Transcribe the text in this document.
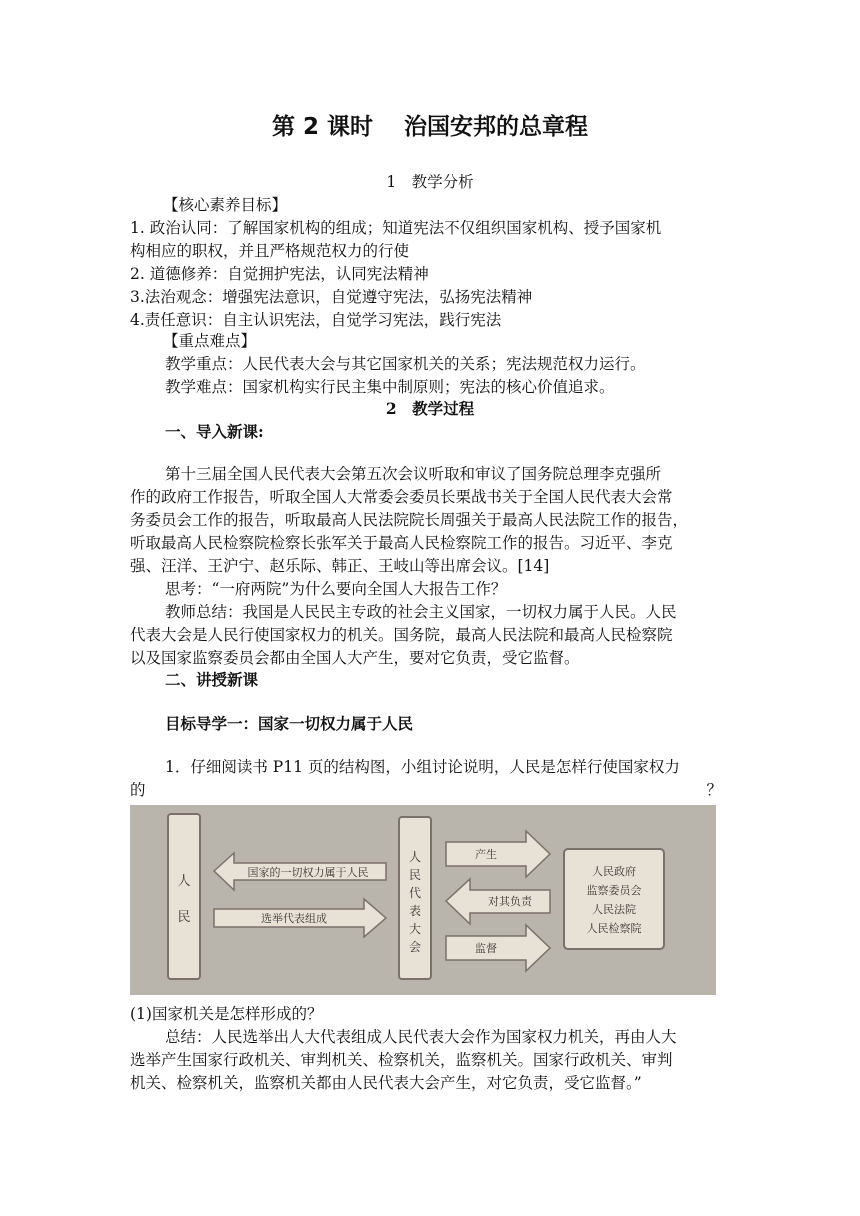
第 2 课时　 治国安邦的总章程
1　教学分析
【核心素养目标】
1. 政治认同：了解国家机构的组成；知道宪法不仅组织国家机构、授予国家机
构相应的职权，并且严格规范权力的行使
2. 道德修养：自觉拥护宪法，认同宪法精神
3.法治观念：增强宪法意识，自觉遵守宪法，弘扬宪法精神
4.责任意识：自主认识宪法，自觉学习宪法，践行宪法
【重点难点】
教学重点：人民代表大会与其它国家机关的关系；宪法规范权力运行。
教学难点：国家机构实行民主集中制原则；宪法的核心价值追求。
2　教学过程
一、导入新课:
第十三届全国人民代表大会第五次会议听取和审议了国务院总理李克强所
作的政府工作报告，听取全国人大常委会委员长栗战书关于全国人民代表大会常
务委员会工作的报告，听取最高人民法院院长周强关于最高人民法院工作的报告，
听取最高人民检察院检察长张军关于最高人民检察院工作的报告。习近平、李克
强、汪洋、王沪宁、赵乐际、韩正、王岐山等出席会议。[14]
思考：“一府两院”为什么要向全国人大报告工作？
教师总结：我国是人民民主专政的社会主义国家，一切权力属于人民。人民
代表大会是人民行使国家权力的机关。国务院，最高人民法院和最高人民检察院
以及国家监察委员会都由全国人大产生，要对它负责，受它监督。
二、讲授新课
目标导学一：国家一切权力属于人民
1．仔细阅读书 P11 页的结构图，小组讨论说明，人民是怎样行使国家权力
的	？
人
民
国家的一切权力属于人民
选举代表组成
人
民
代
表
大
会
产生
对其负责
监督
人民政府
监察委员会
人民法院
人民检察院
(1)国家机关是怎样形成的？
总结：人民选举出人大代表组成人民代表大会作为国家权力机关，再由人大
选举产生国家行政机关、审判机关、检察机关，监察机关。国家行政机关、审判
机关、检察机关，监察机关都由人民代表大会产生，对它负责，受它监督。”
